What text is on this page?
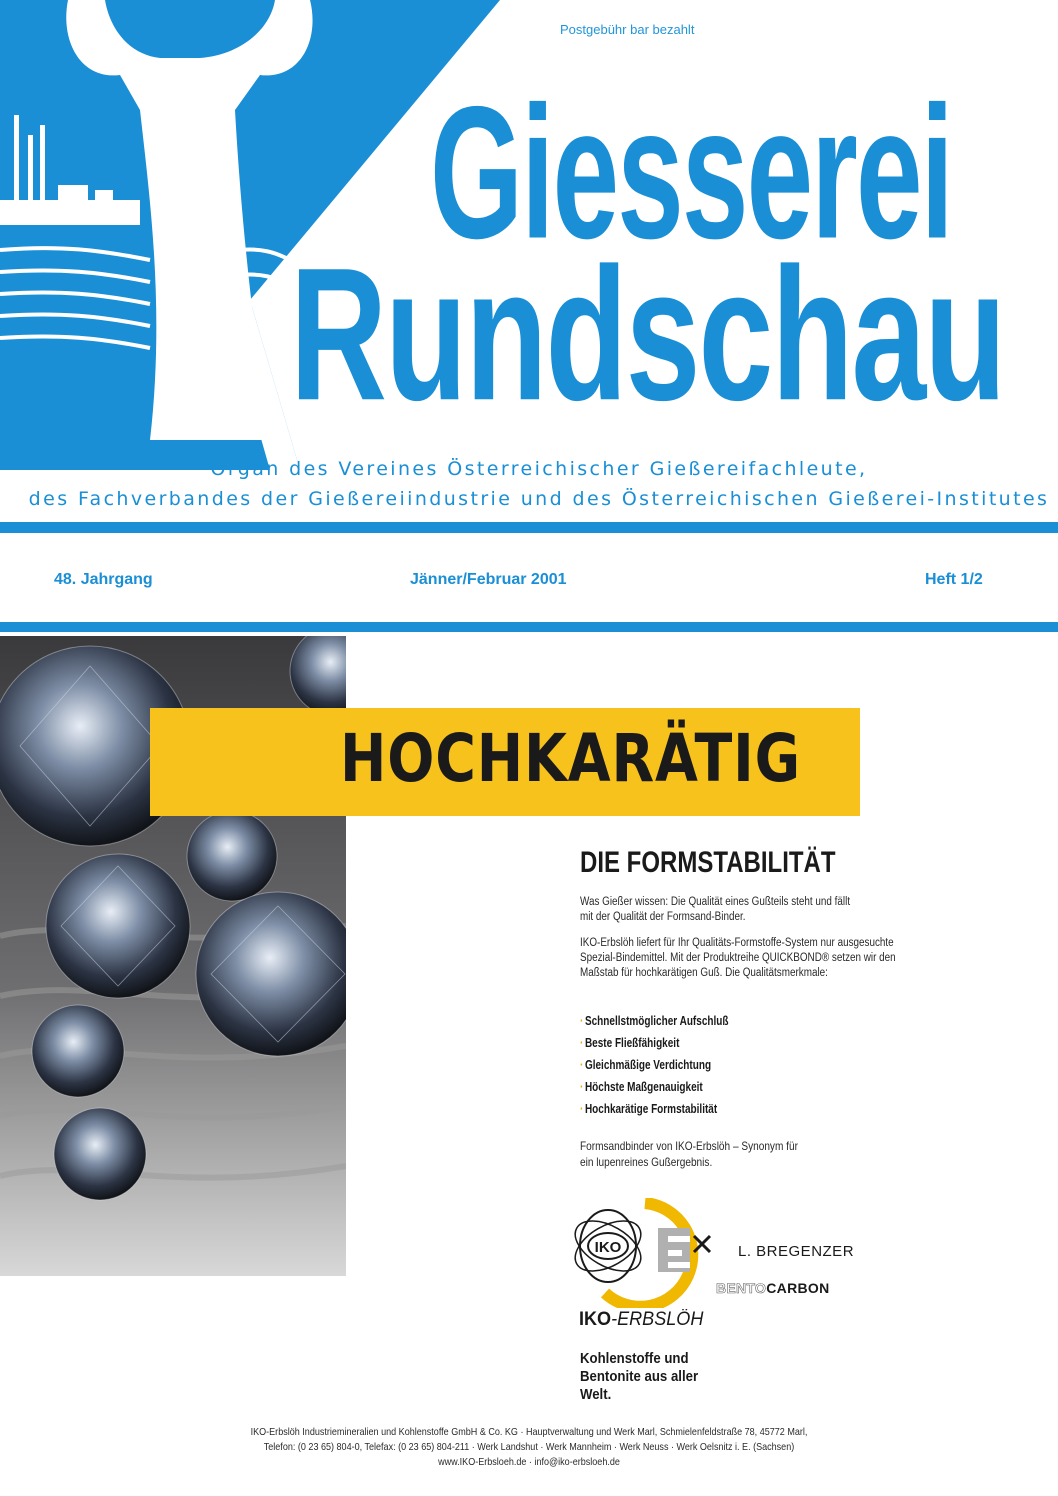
Postgebühr bar bezahlt
Giesserei
Rundschau
Organ des Vereines Österreichischer Gießereifachleute,
des Fachverbandes der Gießereiindustrie und des Österreichischen Gießerei-Institutes
48. Jahrgang	Jänner/Februar 2001	Heft 1/2
HOCHKARÄTIG
DIE FORMSTABILITÄT

Was Gießer wissen: Die Qualität eines Gußteils steht und fällt mit der Qualität der Formsand-Binder.

IKO-Erbslöh liefert für Ihr Qualitäts-Formstoffe-System nur ausgesuchte Spezial-Bindemittel. Mit der Produktreihe QUICKBOND® setzen wir den Maßstab für hochkarätigen Guß. Die Qualitätsmerkmale:

· Schnellstmöglicher Aufschluß
· Beste Fließfähigkeit
· Gleichmäßige Verdichtung
· Höchste Maßgenauigkeit
· Hochkarätige Formstabilität

Formsandbinder von IKO-Erbslöh – Synonym für ein lupenreines Gußergebnis.

IKO
IKO-ERBSLÖH
L. BREGENZER
BENTOCARBON
Kohlenstoffe und Bentonite aus aller Welt.
IKO-Erbslöh Industriemineralien und Kohlenstoffe GmbH & Co. KG · Hauptverwaltung und Werk Marl, Schmielenfeldstraße 78, 45772 Marl,
Telefon: (0 23 65) 804-0, Telefax: (0 23 65) 804-211 · Werk Landshut · Werk Mannheim · Werk Neuss · Werk Oelsnitz i. E. (Sachsen)
www.IKO-Erbsloeh.de · info@iko-erbsloeh.de
